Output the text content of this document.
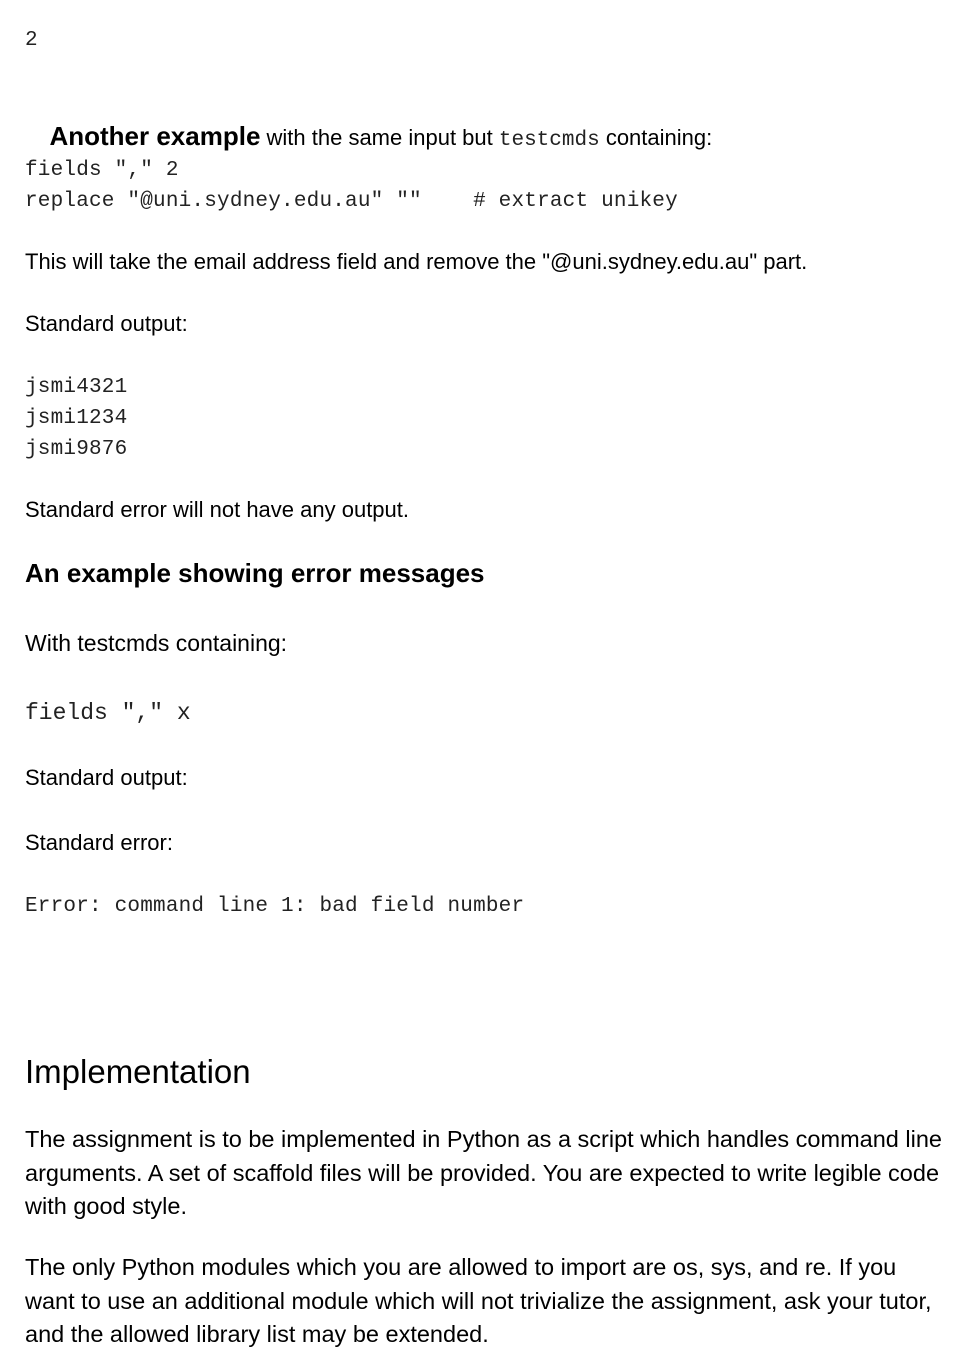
2

Another example with the same input but testcmds containing:

fields "," 2
replace "@uni.sydney.edu.au" ""    # extract unikey
This will take the email address field and remove the "@uni.sydney.edu.au" part.
Standard output:
jsmi4321
jsmi1234
jsmi9876
Standard error will not have any output.
An example showing error messages
With testcmds containing:
fields "," x
Standard output:
Standard error:
Error: command line 1: bad field number
Implementation

The assignment is to be implemented in Python as a script which handles command line arguments. A set of scaffold files will be provided. You are expected to write legible code with good style.

The only Python modules which you are allowed to import are os, sys, and re. If you want to use an additional module which will not trivialize the assignment, ask your tutor, and the allowed library list may be extended.
